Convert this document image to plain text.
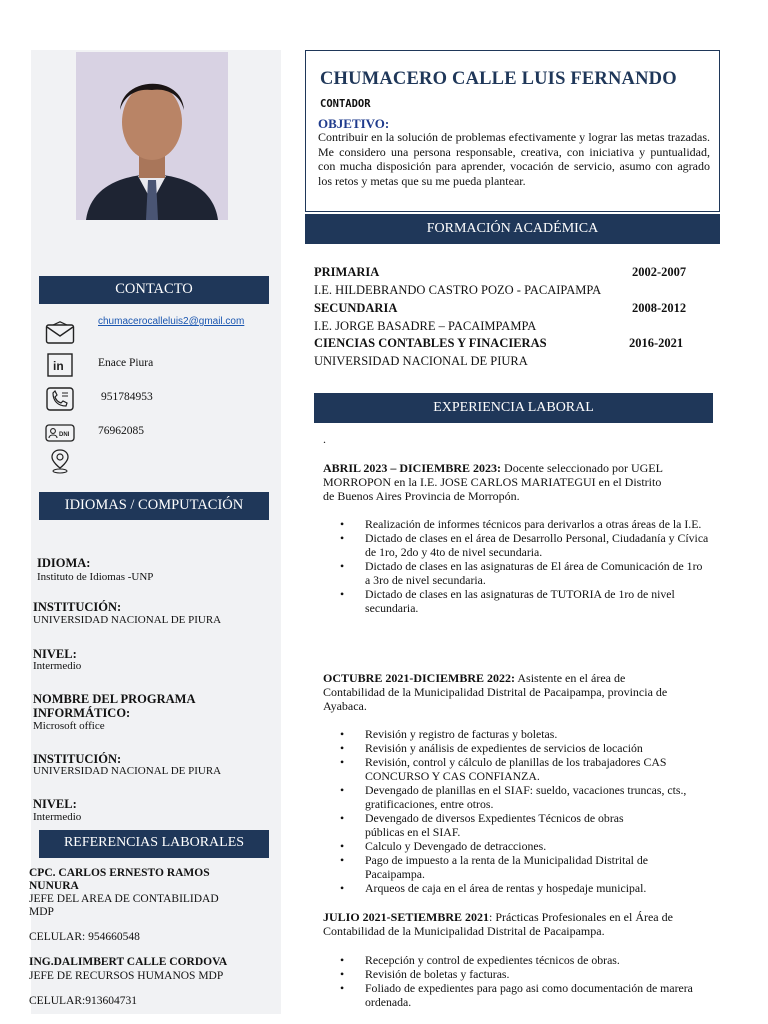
CONTACTO
chumacerocalleluis2@gmail.com
in	Enace Piura
951784953
DNI 76962085
IDIOMAS / COMPUTACIÓN
IDIOMA:
Instituto de Idiomas -UNP
INSTITUCIÓN:
UNIVERSIDAD NACIONAL DE PIURA
NIVEL:
Intermedio
NOMBRE DEL PROGRAMA
INFORMÁTICO:
Microsoft office
INSTITUCIÓN:
UNIVERSIDAD NACIONAL DE PIURA
NIVEL:
Intermedio
REFERENCIAS LABORALES
CPC. CARLOS ERNESTO RAMOS
NUNURA
JEFE DEL AREA DE CONTABILIDAD
MDP
CELULAR: 954660548
ING.DALIMBERT CALLE CORDOVA
JEFE DE RECURSOS HUMANOS MDP
CELULAR:913604731
CHUMACERO CALLE LUIS FERNANDO
CONTADOR
OBJETIVO:
Contribuir en la solución de problemas efectivamente y lograr las metas trazadas. Me considero una persona responsable, creativa, con iniciativa y puntualidad, con mucha disposición para aprender, vocación de servicio, asumo con agrado los retos y metas que su me pueda plantear.
FORMACIÓN ACADÉMICA
PRIMARIA	2002-2007
I.E. HILDEBRANDO CASTRO POZO - PACAIPAMPA
SECUNDARIA	2008-2012
I.E. JORGE BASADRE – PACAIMPAMPA
CIENCIAS CONTABLES Y FINACIERAS	2016-2021
UNIVERSIDAD NACIONAL DE PIURA
EXPERIENCIA LABORAL
.
ABRIL 2023 – DICIEMBRE 2023: Docente seleccionado por UGEL
MORROPON en la I.E. JOSE CARLOS MARIATEGUI en el Distrito
de Buenos Aires Provincia de Morropón.
• Realización de informes técnicos para derivarlos a otras áreas de la I.E.
• Dictado de clases en el área de Desarrollo Personal, Ciudadanía y Cívica de 1ro, 2do y 4to de nivel secundaria.
• Dictado de clases en las asignaturas de El área de Comunicación de 1ro a 3ro de nivel secundaria.
• Dictado de clases en las asignaturas de TUTORIA de 1ro de nivel secundaria.
OCTUBRE 2021-DICIEMBRE 2022: Asistente en el área de
Contabilidad de la Municipalidad Distrital de Pacaipampa, provincia de
Ayabaca.
• Revisión y registro de facturas y boletas.
• Revisión y análisis de expedientes de servicios de locación
• Revisión, control y cálculo de planillas de los trabajadores CAS CONCURSO Y CAS CONFIANZA.
• Devengado de planillas en el SIAF: sueldo, vacaciones truncas, cts., gratificaciones, entre otros.
• Devengado de diversos Expedientes Técnicos de obras públicas en el SIAF.
• Calculo y Devengado de detracciones.
• Pago de impuesto a la renta de la Municipalidad Distrital de Pacaipampa.
• Arqueos de caja en el área de rentas y hospedaje municipal.
JULIO 2021-SETIEMBRE 2021: Prácticas Profesionales en el Área de
Contabilidad de la Municipalidad Distrital de Pacaipampa.
• Recepción y control de expedientes técnicos de obras.
• Revisión de boletas y facturas.
• Foliado de expedientes para pago asi como documentación de marera ordenada.
